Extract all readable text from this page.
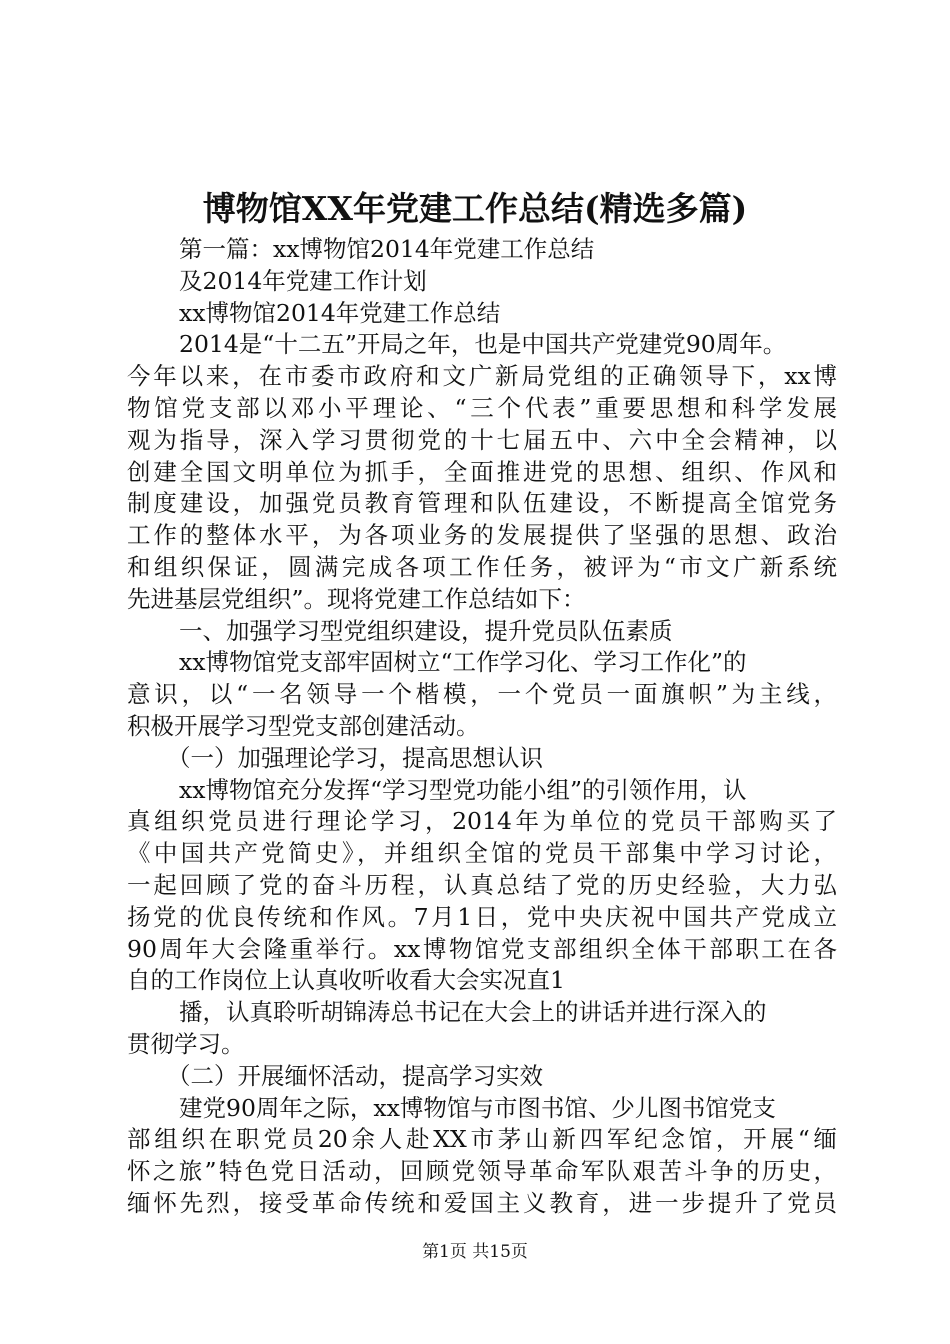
博物馆XX年党建工作总结(精选多篇)
第一篇：xx博物馆2014年党建工作总结
及2014年党建工作计划
xx博物馆2014年党建工作总结
2014是“十二五”开局之年，也是中国共产党建党90周年。
今年以来，在市委市政府和文广新局党组的正确领导下，xx博
物馆党支部以邓小平理论、“三个代表”重要思想和科学发展
观为指导，深入学习贯彻党的十七届五中、六中全会精神，以
创建全国文明单位为抓手，全面推进党的思想、组织、作风和
制度建设，加强党员教育管理和队伍建设，不断提高全馆党务
工作的整体水平，为各项业务的发展提供了坚强的思想、政治
和组织保证，圆满完成各项工作任务，被评为“市文广新系统
先进基层党组织”。现将党建工作总结如下：
一、加强学习型党组织建设，提升党员队伍素质
xx博物馆党支部牢固树立“工作学习化、学习工作化”的
意识，以“一名领导一个楷模，一个党员一面旗帜”为主线，
积极开展学习型党支部创建活动。
（一）加强理论学习，提高思想认识
xx博物馆充分发挥“学习型党功能小组”的引领作用，认
真组织党员进行理论学习，2014年为单位的党员干部购买了
《中国共产党简史》，并组织全馆的党员干部集中学习讨论，
一起回顾了党的奋斗历程，认真总结了党的历史经验，大力弘
扬党的优良传统和作风。7月1日，党中央庆祝中国共产党成立
90周年大会隆重举行。xx博物馆党支部组织全体干部职工在各
自的工作岗位上认真收听收看大会实况直1
播，认真聆听胡锦涛总书记在大会上的讲话并进行深入的
贯彻学习。
（二）开展缅怀活动，提高学习实效
建党90周年之际，xx博物馆与市图书馆、少儿图书馆党支
部组织在职党员20余人赴XX市茅山新四军纪念馆，开展“缅
怀之旅”特色党日活动，回顾党领导革命军队艰苦斗争的历史，
缅怀先烈，接受革命传统和爱国主义教育，进一步提升了党员
第1页 共15页
